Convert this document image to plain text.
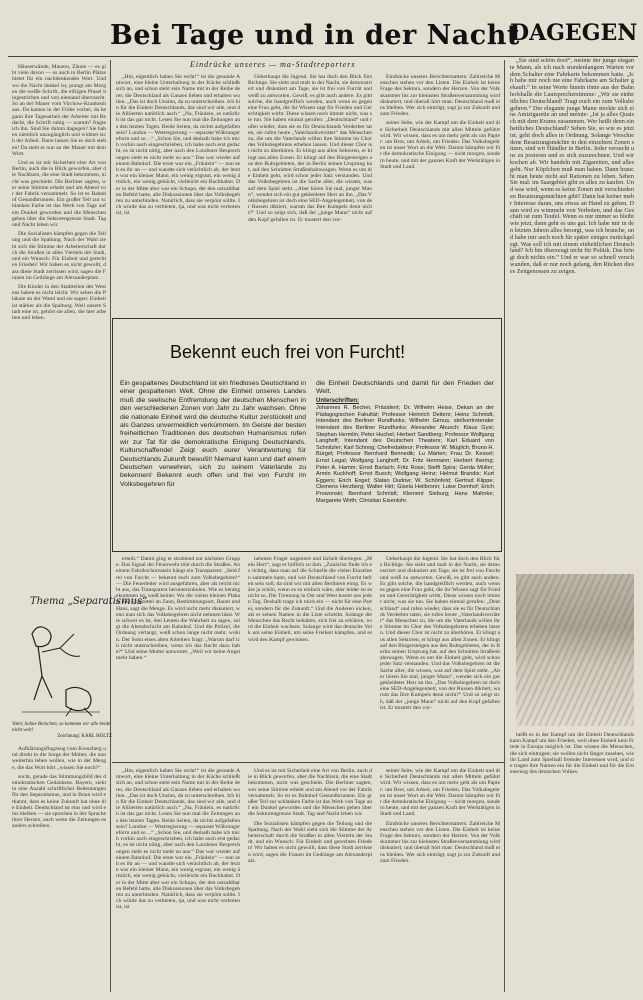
Bei Tage und in der Nacht
DAGEGEN
Eindrücke unseres — ma-Stadtreporters

Häuserwände, Mauern, Zäune — es gibt viele davon — so auch in Berlin Plätze bietet für ein nachdenkendes Wort. Und wo die Nacht dunkel ist, prangt am Morgen die weiße Schrift, die eifrigen Pinsel hingestrichen und von niemand überrascht. So an der Mauer vom Virchow-Krankenhaus. Da kamen in der Frühe vorbei, da begann ihre Tagesarbeit der Arbeiter mit Bedacht, die Schrift ruhig — warum? fragte ich ihn. Sind Sie dumm dagegen? Sie haben ziemlich unzugänglich und widmet sich der Arbeit. Dann lassen Sie es doch stehen! Da steht er nun an der Mauer mit dem Wort.

Und es ist mit Sicherheit eine Art von Berlin, auch die in Blick geworfen, aber die Nachbarn, die eine Stadt bekommen, nicht was geschieht. Die Berliner sagten, wer seine Stimme erhebt und am Abend vor der Fabrik versammelt. So ist es Bahnhof Gesundbrunnen. Ein großer Teil zur schlanken Farbe ist das Werk von Tage auf ein Dunkel geworden und die Menschen gehen über die Sektorengrenze Stadt. Tag und Nacht leben wir.

Die Sozialisten kämpfen gegen die Teilung und die Spaltung. Nach der Wahl zieht sich die Stimme der Arbeiterschaft durch die Straßen in allen Vierteln der Stadt, und ein Wunsch: Für Einheit und gerechten Frieden! Wir haben es nicht gewollt, dass diese Stadt zerrissen wird, sagen die Frauen im Gedränge am Alexanderplatz.

Die Kinder in den Stadtteilen des Westens haben es nicht leicht. Wir sehen die Plakate an der Wand und sie sagen: Einheit ist stärker als die Spaltung. Weil unsere Stadt eine ist, gehört sie allen, die hier arbeiten und leben.

Thema „Separatismus“
Vater, Sohne Beinchen, so kommen wir alle beide nicht weit!
Zeichnung: KARL HOLTZ

Aufklärungsflugzeug vom Kreuzberg und direkt in die Sorge der Mütter, die nun weiterhin leben wollen, wie in der Menge, die das Wort hört „wissen Sie noch?“

sucht, gerade das Stimmungsbild des demokratischen Gedankens. Bayern, sieht in eine Anzahl schriftlicher Bedeutungen für den Separatismus, und in Bonn wird erkannt, dass es keine Zukunft hat ohne die Einheit. Deutschland ist eins und wird eins bleiben — sie sprechen in der Sprache ihrer Herzen, auch wenn die Zeitungen es anders schreiben.

„Hm, eigentlich haben Sie recht!“ ist die gesunde Antwort, eine kleine Unterhaltung in der Küche schließt sich an, und schon steht sein Name mit in der Reihe derer, die Deutschland als Ganzes lieben und erhalten wollen. „Das ist doch Unsinn, da zu unterschreiben. Ich bin für die Einheit Deutschlands, das sind wir alle, und die Alliierten natürlich auch.“ „Na, Fräulein, es natürlich ist das gar nicht. Lesen Sie nun mal die Zeitungen aus den letzten Tagen. Beide Seiten, da nichts aufgefallen sein? London — Westregierung — separate Währungsreform und so ...“ „Schon Sie, und deshalb habe ich mich vorhin auch eingeschrieben, ich habe auch erst gedacht, es ist nicht nötig, aber nach den Londoner Besprechungen sieht es nicht mehr so aus.“ Das war wieder auf einem Bahnhof. Die erste war ein „Fräulein“ — nun seh es ihr an — und wandte sich verächtlich ab, der letzte war ein kleiner Mann, ein wenig ergraut, ein wenig ärmlich, ein wenig gebückt, vielleicht ein Buchhalter. Der in der Mitte aber war ein Schupo, der den ostzahlbaren Befehl hatte, alle Diskussionen über das Volksbegehren zu unterbinden. Natürlich, dass sie verpönt sollte. Ich würde das zu verbieten, tja, und was nicht verboten ist, ist

Ueberhaupt die Jugend. Sie hat doch den Blick fürs Richtige. Sie sieht und malt in der Nacht, sie demonstriert und diskutiert am Tage, sie ist frei von Furcht und weiß zu antworten. Gewiß, es gibt auch andere. Es gibt solche, die handgreiflich werden, auch wenn es gegen eine Frau geht, die ihr Wissen sagt für Frieden und Gerechtigkeit wirbt. Diese wissen noch immer nicht, was sie tun. Sie haben einmal gerufen: „Deutschland“ und rufen wieder, dass sie es für Deutschlands Verderber taten, sie rufen heute „Vaterlandsverräter“ das Menschen zu, die um die Vaterlands willen ihre Stimme im Chor des Volksbegehrens erheben lassen. Und dieser Chor ist nicht zu überhören. Er klingt aus allen Sektoren, er klingt aus allen Zonen. Er klingt auf den Bürgersteigen aus den Ruhrgebieten, der in Berlin seinen Ursprung hat, auf den Schnitten Straßenbahnwagen. Wenn es um die Einheit geht, wird schon jeder Satz verstanden. Und das Volksbegehren ist die Sache aller, die wissen, was auf dem Spiel steht. „Aber hören Sie mal, junger Mann“, wendet sich ein gut gekleideter Herr an ihn. „Das Volksbegehren ist doch eine SED-Angelegenheit, von der Russen diktiert, warum das Ihre Kumpels denn nicht?“ Und so zeigt sich, daß der „junge Mann“ nicht auf den Kopf gefallen ist. Er mustert den vor-

Eindrücke unseres Berichterstatters: Zahlreiche Menschen stehen vor den Listen. Die Einheit ist keine Frage des Sektors, sondern der Herzen. Von der Volkskammer bis zur kleinsten Straßenversammlung wird diskutiert, und überall hört man: Deutschland muß eins bleiben. Wer sich einträgt, sagt ja zur Zukunft und zum Frieden.

seiner Seite, wie der Kampf um die Einheit und die Sicherheit Deutschlands mit allen Mitteln geführt wird. Wir wissen, dass es um mehr geht als um Papier: um Brot, um Arbeit, um Frieden. Das Volksbegehren ist unser Wort an die Welt. Darum kämpfen wir für die demokratische Einigung — nicht morgen, sondern heute, und mit der ganzen Kraft der Werktätigen in Stadt und Land.

„Sie sind schön doof“, meinte der junge elegante Mann, als ich nach stundenlangem Warten vor dem Schalter eine Fahrkarte bekommen hatte. „Ich habe mir noch nie eine Fahrkarte am Schalter gekauft.“ In seine Worte hinein tönte aus der Bahnhofshalle die Lautsprecherstimme: „Wir sie einheitliches Deutschland! Tragt euch ein zum Volksbegehren.“ Der elegante junge Mann steckte sich eine Amizigarette an und meinte: „Ist ja alles Quatsch mit dem Krams zusammen. Wer heißt denn einheitliches Deutschland? Sehen Sie, so wie es jetzt ist, geht doch alles in Ordnung. Solange Verschiedene Besatzungsmächte in den einzelnen Zonen sitzen, sind wir Händler in Berlin. Jeder versucht uns zu posieren und es sich zuzurechnen. Und wir kochen ab. Wir handeln mit Zigaretten, und alles geht. Nur Köpfchen muß man haben. Dann braucht man heute nicht auf Rationen zu leben. Sehen Sie mal: im Saargebiet gibt es alles zu kaufen. Und was wird, wenn es keine Zonen mit verschiedenen Besatzungsmächten gibt? Dann hat keiner mehr Interesse daran, uns etwas an Hand zu geben. Dann wird es wimmeln von Verboten, und das Geschäft ist zum Teufel. Wenn es nur immer so bleibt wie jetzt, dann geht es uns gut. Ich habe mir in den letzten Jahren alles besorgt, was ich brauche, und habe mir auch noch für später einiges zurückgelegt. Was soll ich mit einem einheitlichen Deutschland? Ich bin überzeugt nicht für Politik. Das bringt doch nichts ein.“ Und er war so schnell verschwunden, daß er nur noch gelang, den Rücken dieses Zeitgenossen zu zeigen.

heißt es in der Kampf um die Einheit Deutschlands kann Kampf um den Frieden, weil ohne Einheit kein Friede in Europa möglich ist. Das wissen die Menschen, die sich eintragen; sie wollen nicht länger zusehen, wie ihr Land zum Spielball fremder Interessen wird, und sie tragen ihre Namen ein für die Einheit und für die Erneuerung des deutschen Volkes.

Bekennt euch frei von Furcht!

Ein gespaltenes Deutschland ist ein friedloses Deutschland in einer gespaltenen Welt. Ohne die Einheit unseres Landes muß die seelische Entfremdung der deutschen Menschen in den verschiedenen Zonen von Jahr zu Jahr wachsen. Ohne die nationale Einheit wird die deutsche Kultur zerstückelt und als Ganzes unvermeidlich verkümmern. Im Geiste der besten freiheitlichen Traditionen des deutschen Humanismus rufen wir zur Tat für die demokratische Einigung Deutschlands. Kulturschaffende! Zeigt euch eurer Verantwortung für Deutschlands Zukunft bewußt! Niemand kann und darf einem Deutschen verwehren, sich zu seinem Vaterlande zu bekennen! Bekennt euch offen und frei von Furcht im Volksbegehren für

die Einheit Deutschlands und damit für den Frieden der Welt.

Unterschriften:

Johannes R. Becher, Präsident; Dr. Wilhelm Heise, Dekan an der Pädagogischen Fakultät; Professor Heinrich Deiters; Heinz Schmidt, Intendant des Berliner Rundfunks; Wilhelm Girnus, stellvertretender Intendant des Berliner Rundfunks; Alexander Abusch; Klaus Gysi; Stephan Hermlin; Peter Huchel; Herbert Sandberg; Professor Wolfgang Langhoff, Intendant des Deutschen Theaters; Karl Eduard von Schnitzler; Karl Schnog; Chefredakteur; Professor W. Müglich; Bruno H. Bürgel; Professor Bernhard Bennedik; Lu Märten; Frau Dr. Kessel; Ernst Legal; Wolfgang Langhoff; Dr. Fritz Hermann; Herbert Ihering; Peter A. Hamm; Ernst Barlach; Fritz Rose; Steffi Spira; Gerda Müller; Armin Kuckhoff; Ernst Busch; Wolfgang Heinz; Helmut Brandis; Kurt Eggers; Erich Engel; Slatan Dudow; W. Schönfeld; Gertrud Klippe; Clemens Herzberg; Walter Hirt; Gisela Heilbronn; Luise Domhof; Erich Prowonski; Bernhard Schmidt; Klement Sieburg; Hans Mahnke; Margarete Wirth; Christian Eisenlohr.

erteilt.“ Damit ging er strahlend zur nächsten Gruppe. Das Signal der Feuerwehr tönt durch die Straßen. An einem Fabrikschornstein hängt ein Transparent: „Seid frei von Furcht — bekennt euch zum Volksbegehren!“ — Die Feuerleiter wird ausgefahren, aber als reicht nicht aus, das Transparent herunterzuholen. Wie es herabgekommen ist, weiß keiner. Wo die vielen kleinen Plakate und Flugzettel an Zaun, Bestimmungsort, Baum und Haus, sagt die Menge. Es wird nicht mehr diskutiert, wenn man sich das Volksbegehren nicht nehmen lässt. Wie schwer es ist, den Leuten die Wahrheit zu sagen, zeigt die Abendschicht am Bahnhof. Und die Polizei, die Ordnung verlangt, weiß schon lange nicht mehr, wohin. Der Sohn eines alten Arbeiters fragt: „Warum darf ich nicht unterschreiben, wenn ich das Recht dazu habe?“ Und seine Mutter antwortet: „Weil wir keine Angst mehr haben.“

nehmen Frager ungeniert und lächelt überlegen. „Mein Herr“, sagt er höflich zu ihm. „Zunächst finde ich es richtig, dass man auf die Schnelle die vielen Einzelnen sammeln kann, und wie Deutschland von Furcht befreit sein soll, da sind wir mit allen Berlinern einig. Es wäre ja schön, wenn es so einfach wäre, aber leider ist es nicht so. Die Trennung in Ost und West kostet uns jeden Tag. Deshalb trage ich mich ein — nicht für eine Partei, sondern für die Zukunft.“ Und die Anderen nicken, als er seinen Namen in die Liste schreibt. Solange die Menschen das Recht behalten, sich frei zu erklären, wird die Einheit wachsen. Solange wird das deutsche Volk um seine Einheit, um seine Freiheit kämpfen, und es wird den Kampf gewinnen.

Ueberhaupt die Jugend. Sie hat doch den Blick fürs Richtige. Sie sieht und malt in der Nacht, sie demonstriert und diskutiert am Tage, sie ist frei von Furcht und weiß zu antworten. Gewiß, es gibt auch andere. Es gibt solche, die handgreiflich werden, auch wenn es gegen eine Frau geht, die ihr Wissen sagt für Frieden und Gerechtigkeit wirbt. Diese wissen noch immer nicht, was sie tun. Sie haben einmal gerufen: „Deutschland“ und rufen wieder, dass sie es für Deutschlands Verderber taten, sie rufen heute „Vaterlandsverräter“ das Menschen zu, die um die Vaterlands willen ihre Stimme im Chor des Volksbegehrens erheben lassen. Und dieser Chor ist nicht zu überhören. Er klingt aus allen Sektoren, er klingt aus allen Zonen. Er klingt auf den Bürgersteigen aus den Ruhrgebieten, der in Berlin seinen Ursprung hat, auf den Schnitten Straßenbahnwagen. Wenn es um die Einheit geht, wird schon jeder Satz verstanden. Und das Volksbegehren ist die Sache aller, die wissen, was auf dem Spiel steht. „Aber hören Sie mal, junger Mann“, wendet sich ein gut gekleideter Herr an ihn. „Das Volksbegehren ist doch eine SED-Angelegenheit, von der Russen diktiert, warum das Ihre Kumpels denn nicht?“ Und so zeigt sich, daß der „junge Mann“ nicht auf den Kopf gefallen ist. Er mustert den vor-

„Hm, eigentlich haben Sie recht!“ ist die gesunde Antwort, eine kleine Unterhaltung in der Küche schließt sich an, und schon steht sein Name mit in der Reihe derer, die Deutschland als Ganzes lieben und erhalten wollen. „Das ist doch Unsinn, da zu unterschreiben. Ich bin für die Einheit Deutschlands, das sind wir alle, und die Alliierten natürlich auch.“ „Na, Fräulein, es natürlich ist das gar nicht. Lesen Sie nun mal die Zeitungen aus den letzten Tagen. Beide Seiten, da nichts aufgefallen sein? London — Westregierung — separate Währungsreform und so ...“ „Schon Sie, und deshalb habe ich mich vorhin auch eingeschrieben, ich habe auch erst gedacht, es ist nicht nötig, aber nach den Londoner Besprechungen sieht es nicht mehr so aus.“ Das war wieder auf einem Bahnhof. Die erste war ein „Fräulein“ — nun seh es ihr an — und wandte sich verächtlich ab, der letzte war ein kleiner Mann, ein wenig ergraut, ein wenig ärmlich, ein wenig gebückt, vielleicht ein Buchhalter. Der in der Mitte aber war ein Schupo, der den ostzahlbaren Befehl hatte, alle Diskussionen über das Volksbegehren zu unterbinden. Natürlich, dass sie verpönt sollte. Ich würde das zu verbieten, tja, und was nicht verboten ist, ist

Und es ist mit Sicherheit eine Art von Berlin, auch die in Blick geworfen, aber die Nachbarn, die eine Stadt bekommen, nicht was geschieht. Die Berliner sagten, wer seine Stimme erhebt und am Abend vor der Fabrik versammelt. So ist es Bahnhof Gesundbrunnen. Ein großer Teil zur schlanken Farbe ist das Werk von Tage auf ein Dunkel geworden und die Menschen gehen über die Sektorengrenze Stadt. Tag und Nacht leben wir.

Die Sozialisten kämpfen gegen die Teilung und die Spaltung. Nach der Wahl zieht sich die Stimme der Arbeiterschaft durch die Straßen in allen Vierteln der Stadt, und ein Wunsch: Für Einheit und gerechten Frieden! Wir haben es nicht gewollt, dass diese Stadt zerrissen wird, sagen die Frauen im Gedränge am Alexanderplatz.

seiner Seite, wie der Kampf um die Einheit und die Sicherheit Deutschlands mit allen Mitteln geführt wird. Wir wissen, dass es um mehr geht als um Papier: um Brot, um Arbeit, um Frieden. Das Volksbegehren ist unser Wort an die Welt. Darum kämpfen wir für die demokratische Einigung — nicht morgen, sondern heute, und mit der ganzen Kraft der Werktätigen in Stadt und Land.

Eindrücke unseres Berichterstatters: Zahlreiche Menschen stehen vor den Listen. Die Einheit ist keine Frage des Sektors, sondern der Herzen. Von der Volkskammer bis zur kleinsten Straßenversammlung wird diskutiert, und überall hört man: Deutschland muß eins bleiben. Wer sich einträgt, sagt ja zur Zukunft und zum Frieden.
